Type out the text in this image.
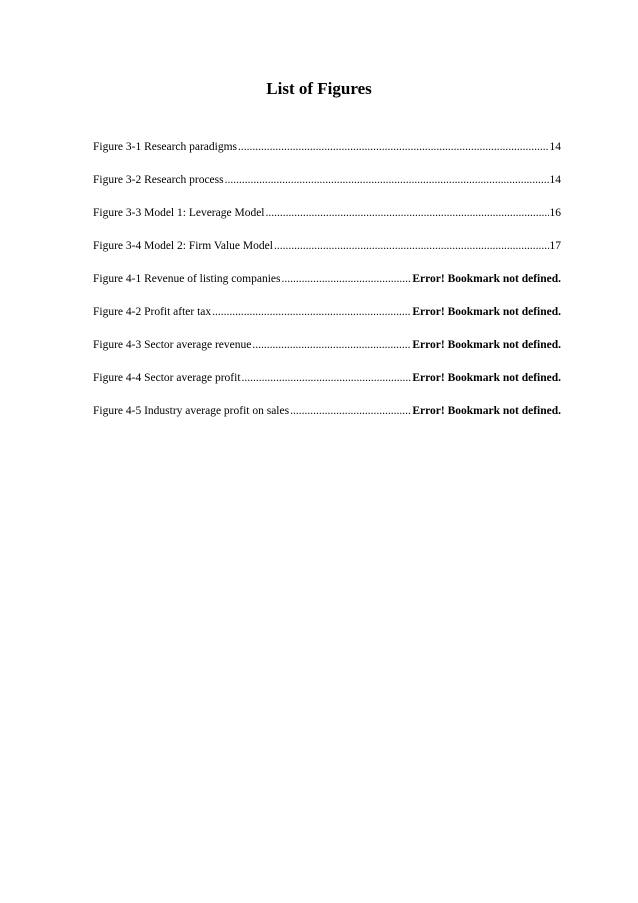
List of Figures
Figure 3-1 Research paradigms .....	14
Figure 3-2 Research process .....	14
Figure 3-3 Model 1: Leverage Model .....	16
Figure 3-4 Model 2: Firm Value Model .....	17
Figure 4-1 Revenue of listing companies .....	Error! Bookmark not defined.
Figure 4-2 Profit after tax .....	Error! Bookmark not defined.
Figure 4-3 Sector average revenue .....	Error! Bookmark not defined.
Figure 4-4 Sector average profit .....	Error! Bookmark not defined.
Figure 4-5 Industry average profit on sales .....	Error! Bookmark not defined.
